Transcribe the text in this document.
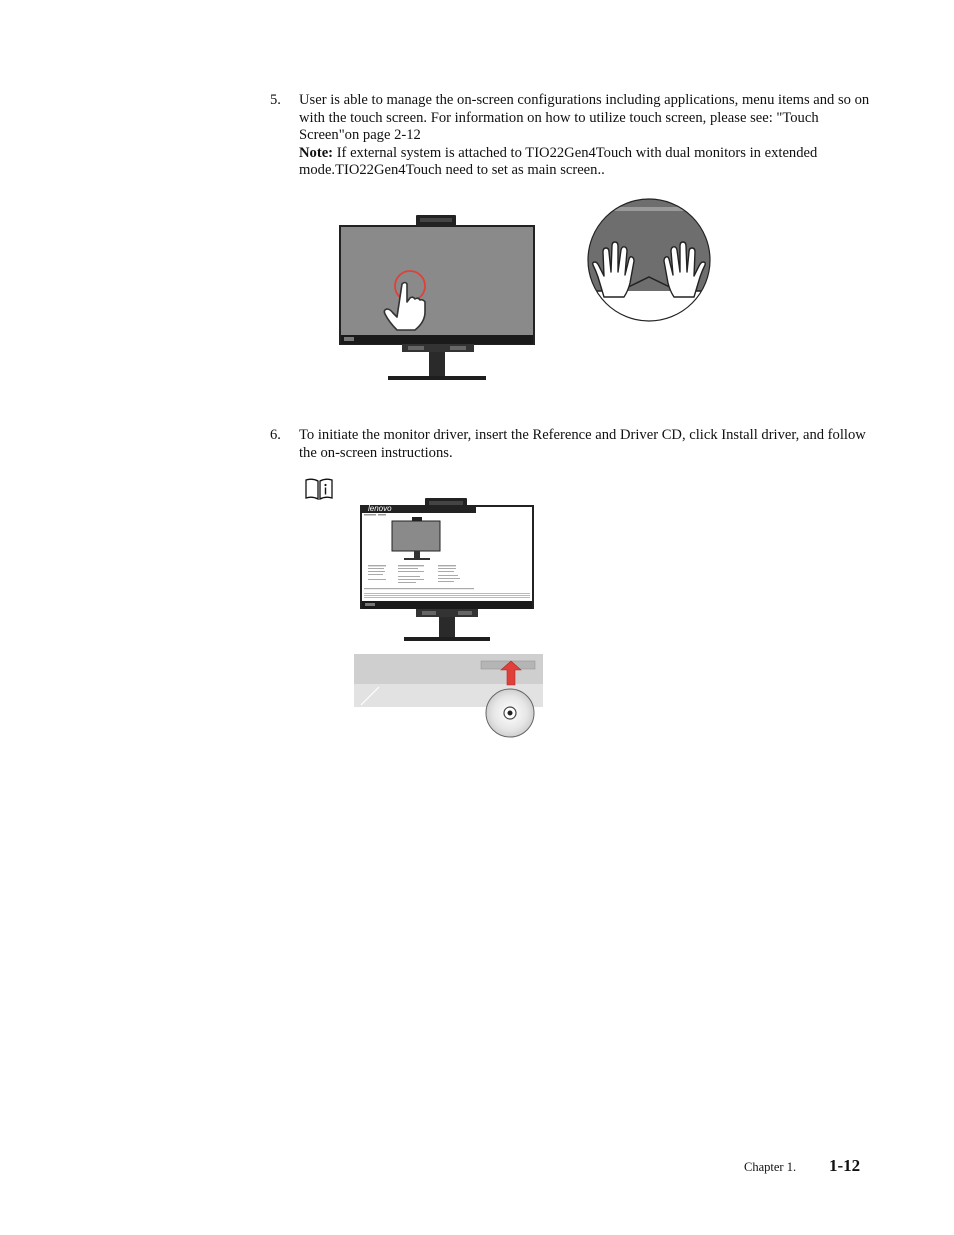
5. User is able to manage the on-screen configurations including applications, menu items and so on with the touch screen. For information on how to utilize touch screen, please see: "Touch Screen"on page 2-12

Note: If external system is attached to TIO22Gen4Touch with dual monitors in extended mode.TIO22Gen4Touch need to set as main screen..

6. To initiate the monitor driver, insert the Reference and Driver CD, click Install driver, and follow the on-screen instructions.

lenovo
Chapter 1. 1-12
